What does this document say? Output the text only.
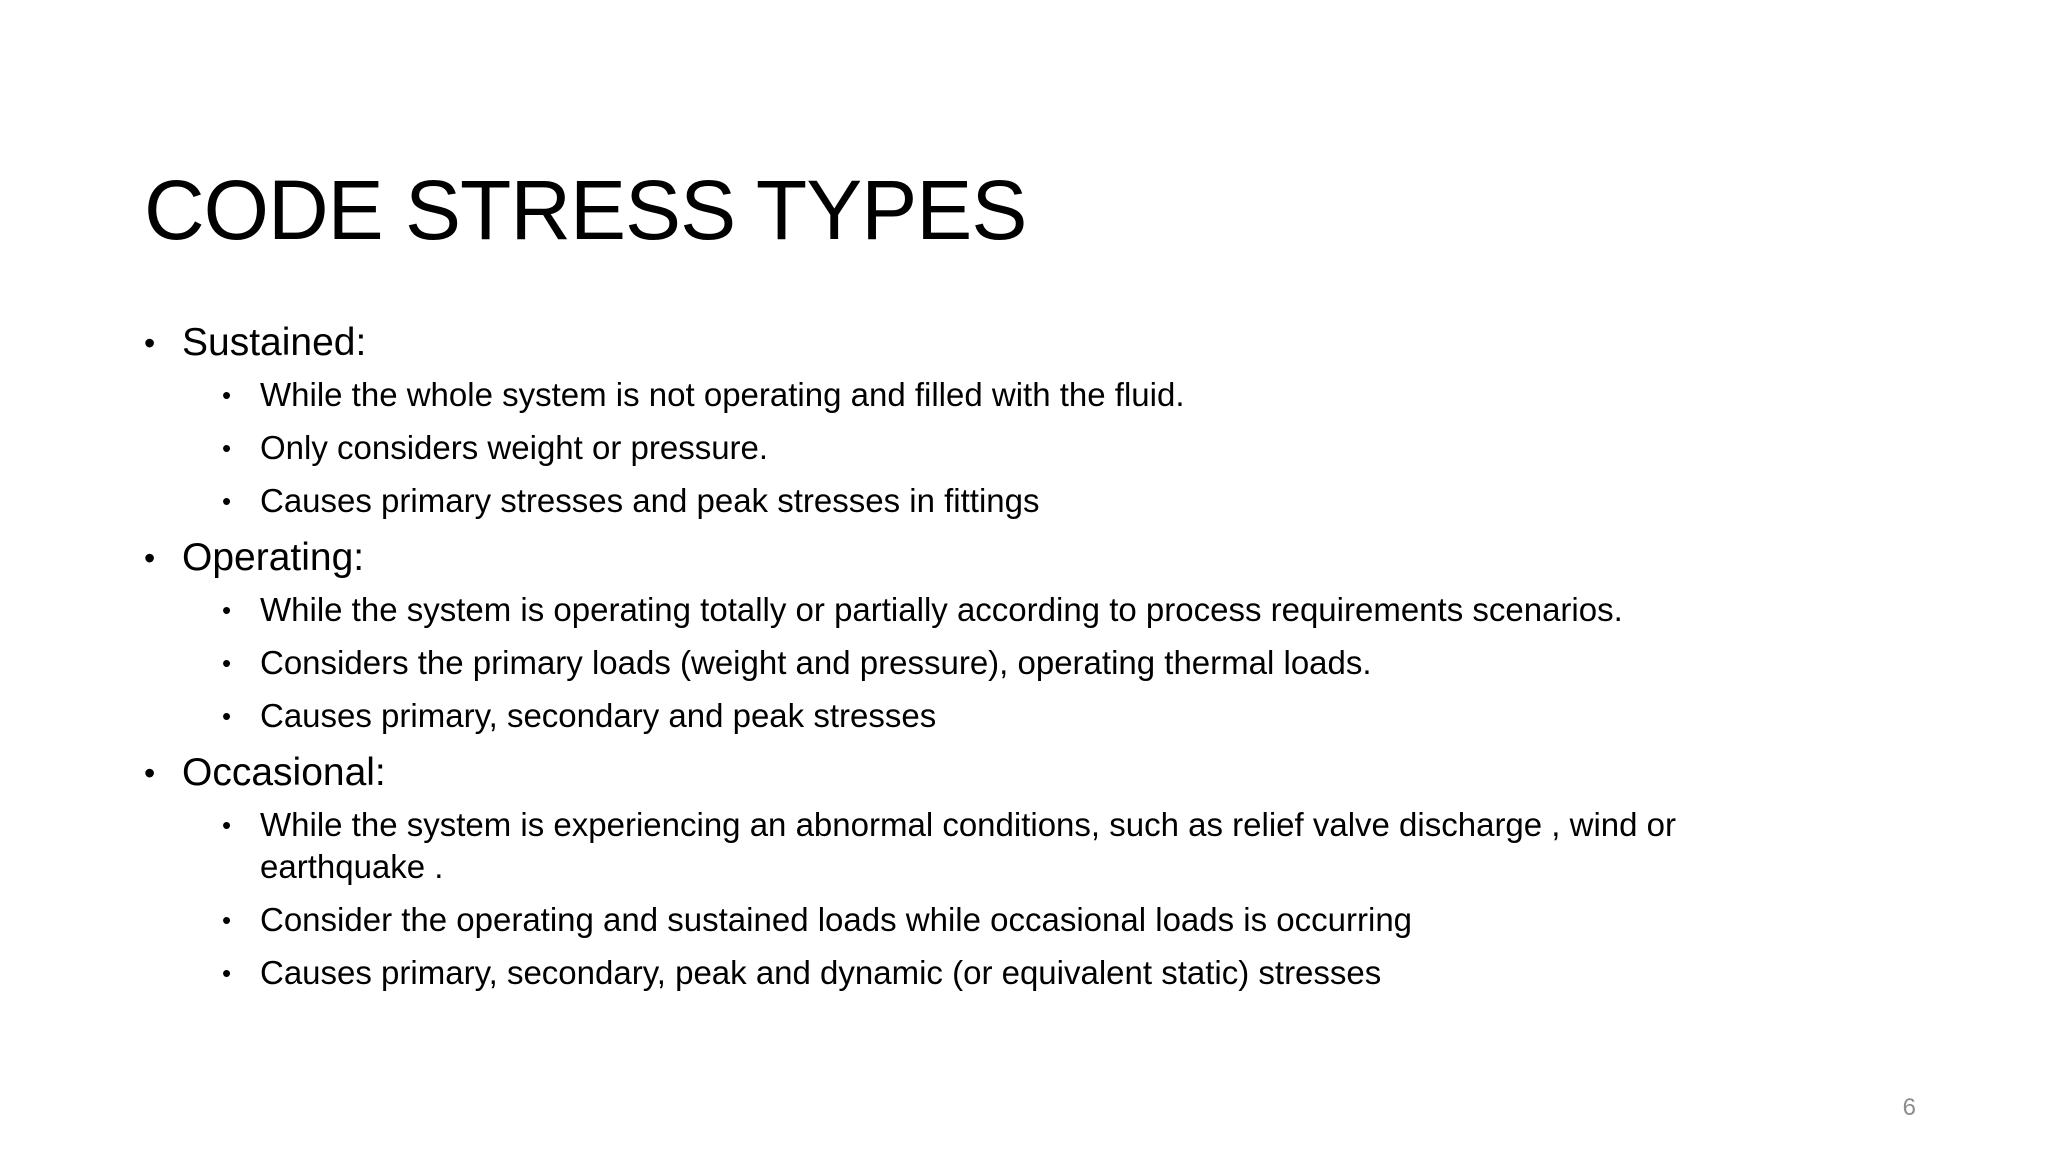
CODE STRESS TYPES
• Sustained:
• While the whole system is not operating and filled with the fluid.
• Only considers weight or pressure.
• Causes primary stresses and peak stresses in fittings
• Operating:
• While the system is operating totally or partially according to process requirements scenarios.
• Considers the primary loads (weight and pressure), operating thermal loads.
• Causes primary, secondary and peak stresses
• Occasional:
• While the system is experiencing an abnormal conditions, such as relief valve discharge , wind or earthquake .
• Consider the operating and sustained loads while occasional loads is occurring
• Causes primary, secondary, peak and dynamic (or equivalent static) stresses
6
